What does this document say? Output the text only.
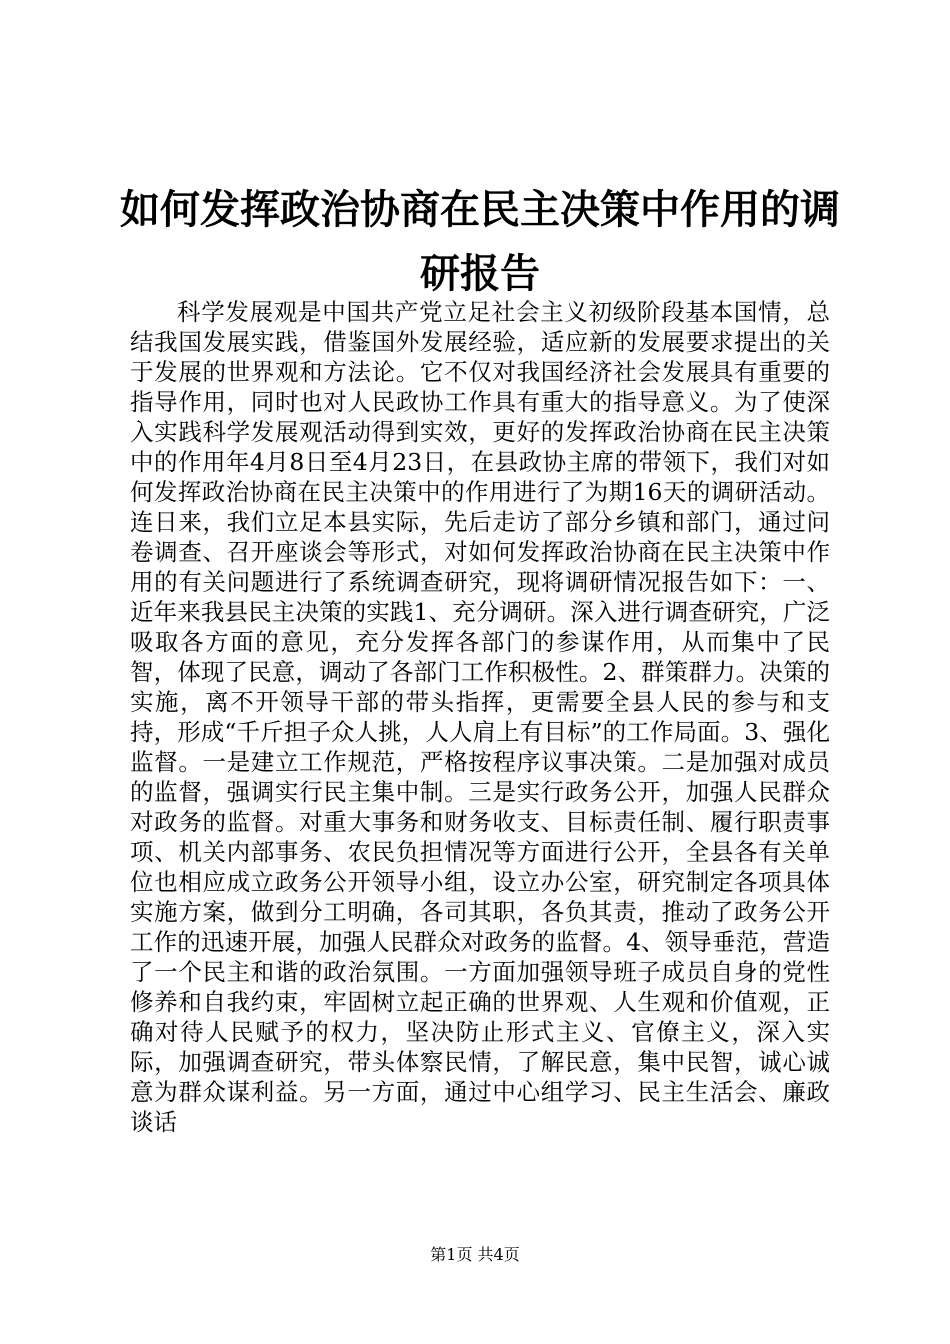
如何发挥政治协商在民主决策中作用的调研报告

科学发展观是中国共产党立足社会主义初级阶段基本国情，总结我国发展实践，借鉴国外发展经验，适应新的发展要求提出的关于发展的世界观和方法论。它不仅对我国经济社会发展具有重要的指导作用，同时也对人民政协工作具有重大的指导意义。为了使深入实践科学发展观活动得到实效，更好的发挥政治协商在民主决策中的作用年4月8日至4月23日，在县政协主席的带领下，我们对如何发挥政治协商在民主决策中的作用进行了为期16天的调研活动。连日来，我们立足本县实际，先后走访了部分乡镇和部门，通过问卷调查、召开座谈会等形式，对如何发挥政治协商在民主决策中作用的有关问题进行了系统调查研究，现将调研情况报告如下：一、近年来我县民主决策的实践1、充分调研。深入进行调查研究，广泛吸取各方面的意见，充分发挥各部门的参谋作用，从而集中了民智，体现了民意，调动了各部门工作积极性。2、群策群力。决策的实施，离不开领导干部的带头指挥，更需要全县人民的参与和支持，形成“千斤担子众人挑，人人肩上有目标”的工作局面。3、强化监督。一是建立工作规范，严格按程序议事决策。二是加强对成员的监督，强调实行民主集中制。三是实行政务公开，加强人民群众对政务的监督。对重大事务和财务收支、目标责任制、履行职责事项、机关内部事务、农民负担情况等方面进行公开，全县各有关单位也相应成立政务公开领导小组，设立办公室，研究制定各项具体实施方案，做到分工明确，各司其职，各负其责，推动了政务公开工作的迅速开展，加强人民群众对政务的监督。4、领导垂范，营造了一个民主和谐的政治氛围。一方面加强领导班子成员自身的党性修养和自我约束，牢固树立起正确的世界观、人生观和价值观，正确对待人民赋予的权力，坚决防止形式主义、官僚主义，深入实际，加强调查研究，带头体察民情，了解民意，集中民智，诚心诚意为群众谋利益。另一方面，通过中心组学习、民主生活会、廉政谈话

第1页 共4页
